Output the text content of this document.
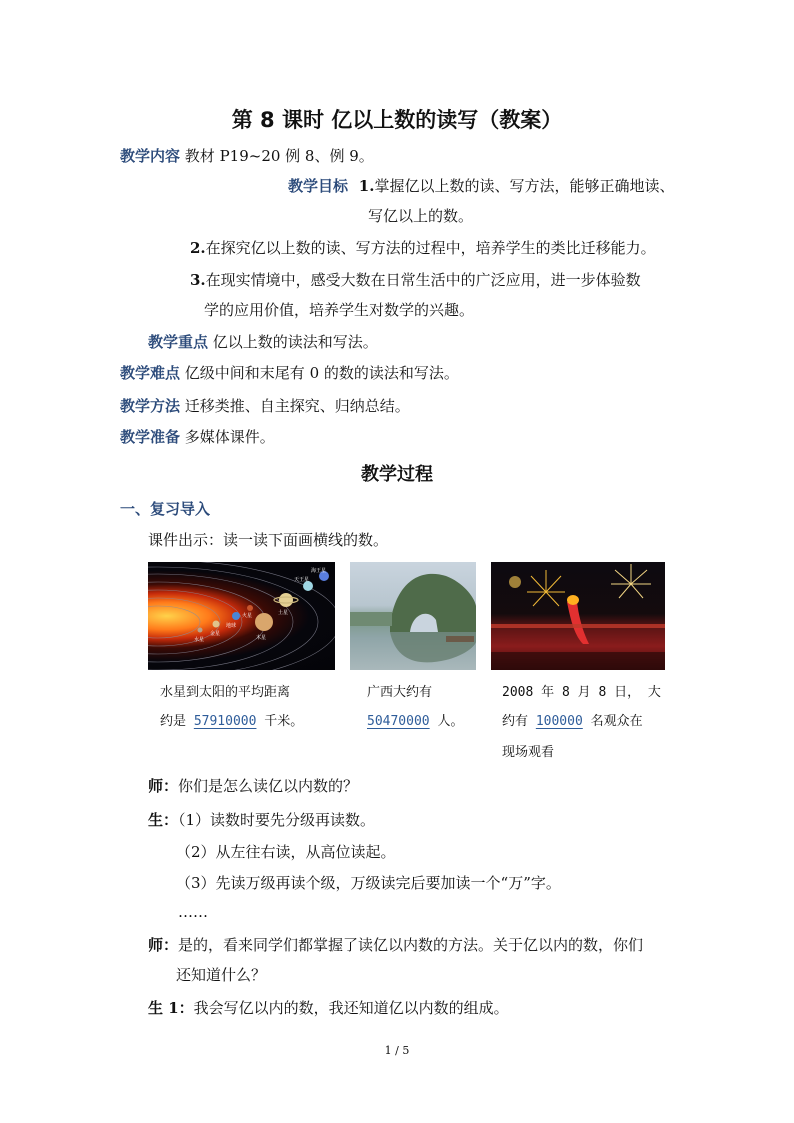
第 8 课时 亿以上数的读写（教案）
教学内容 教材 P19~20 例 8、例 9。
教学目标 1.掌握亿以上数的读、写方法，能够正确地读、
写亿以上的数。
2.在探究亿以上数的读、写方法的过程中，培养学生的类比迁移能力。
3.在现实情境中，感受大数在日常生活中的广泛应用，进一步体验数
学的应用价值，培养学生对数学的兴趣。
教学重点 亿以上数的读法和写法。
教学难点 亿级中间和末尾有 0 的数的读法和写法。
教学方法 迁移类推、自主探究、归纳总结。
教学准备 多媒体课件。
教学过程
一、复习导入
课件出示：读一读下面画横线的数。
海王星
天王星
土星
木星
火星
地球
金星
水星
水星到太阳的平均距离
约是 57910000 千米。
广西大约有
50470000 人。
2008 年 8 月 8 日， 大
约有 100000 名观众在
现场观看
师：你们是怎么读亿以内数的？
生：（1）读数时要先分级再读数。
（2）从左往右读，从高位读起。
（3）先读万级再读个级，万级读完后要加读一个“万”字。
……
师：是的，看来同学们都掌握了读亿以内数的方法。关于亿以内的数，你们
还知道什么？
生 1：我会写亿以内的数，我还知道亿以内数的组成。
1 / 5
